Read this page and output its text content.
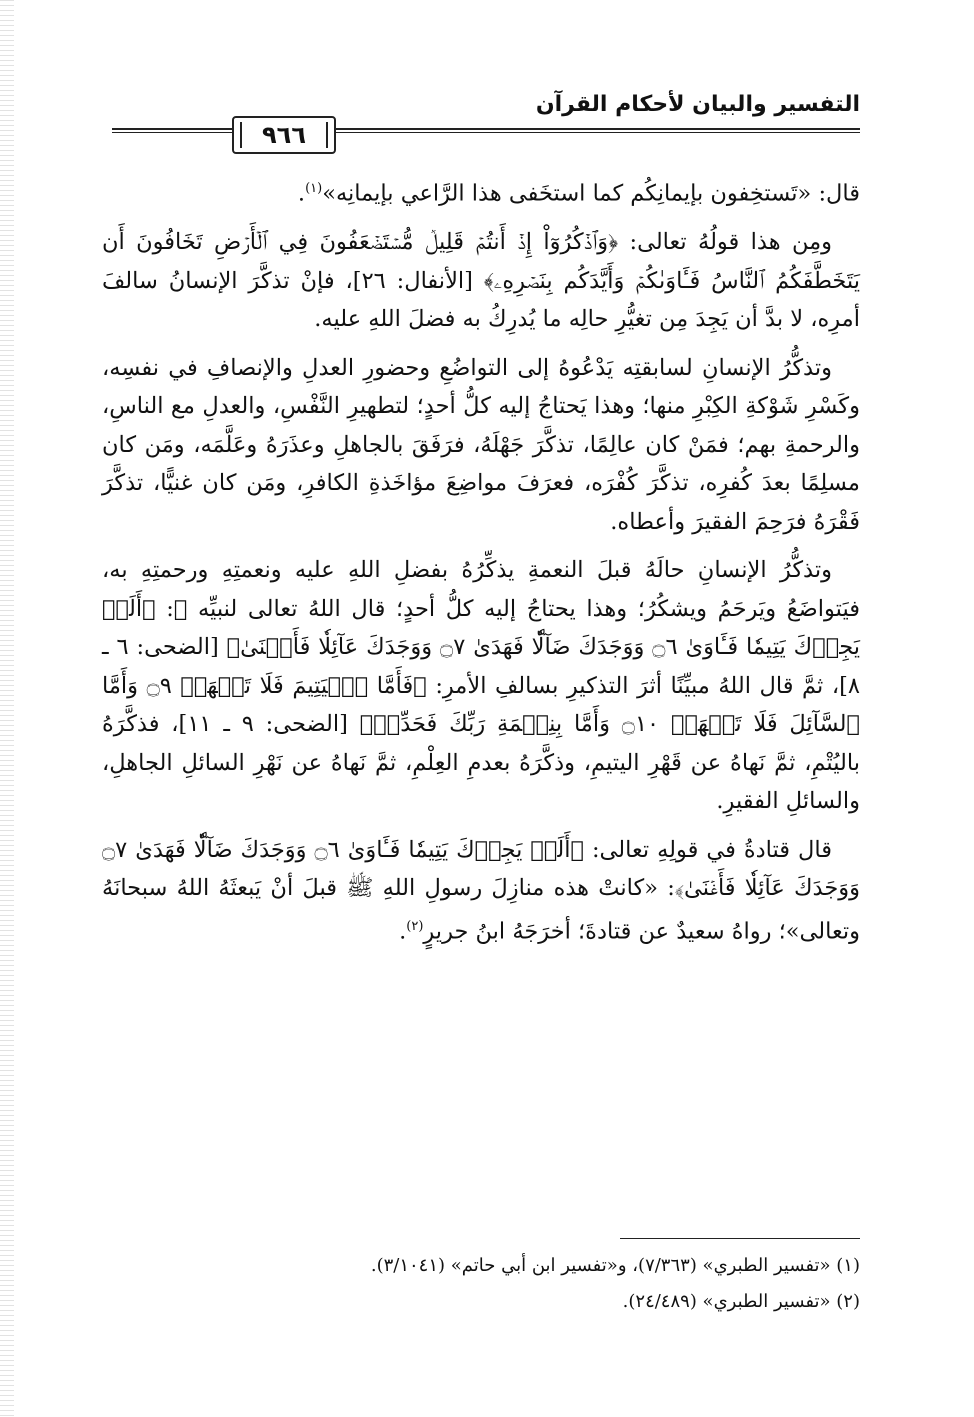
التفسير والبيان لأحكام القرآن
٩٦٦

قال: «تَستخِفون بإيمانِكُم كما استخَفى هذا الرَّاعي بإيمانِه»$^{(١)}$.

ومِن هذا قولُهُ تعالى: ﴿وَٱذۡكُرُوٓاْ إِذۡ أَنتُمۡ قَلِيلٞ مُّسۡتَضۡعَفُونَ فِي ٱلۡأَرۡضِ تَخَافُونَ أَن يَتَخَطَّفَكُمُ ٱلنَّاسُ فَـَٔاوَىٰكُمۡ وَأَيَّدَكُم بِنَصۡرِهِۦ﴾ [الأنفال: ٢٦]، فإنْ تذكَّرَ الإنسانُ سالفَ أمرِه، لا بدَّ أن يَجِدَ مِن تغيُّرِ حالِه ما يُدرِكُ به فضلَ اللهِ عليه.

وتذكُّرُ الإنسانِ لسابقتِه يَدْعُوهُ إلى التواضُعِ وحضورِ العدلِ والإنصافِ في نفسِه، وكَسْرِ شَوْكةِ الكِبْرِ منها؛ وهذا يَحتاجُ إليه كلُّ أحدٍ؛ لتطهيرِ النَّفْسِ، والعدلِ مع الناسِ، والرحمةِ بهم؛ فمَنْ كان عالِمًا، تذكَّرَ جَهْلَهُ، فرَفَقَ بالجاهلِ وعذَرَهُ وعَلَّمَه، ومَن كان مسلِمًا بعدَ كُفرِه، تذكَّرَ كُفْرَه، فعرَفَ مواضِعَ مؤاخَذةِ الكافرِ، ومَن كان غنيًّا، تذكَّرَ فَقْرَهُ فرَحِمَ الفقيرَ وأعطاه.

وتذكُّرُ الإنسانِ حالَهُ قبلَ النعمةِ يذكِّرُهُ بفضلِ اللهِ عليه ونعمتِهِ ورحمتِهِ به، فيَتواضَعُ ويَرحَمُ ويشكُرُ؛ وهذا يحتاجُ إليه كلُّ أحدٍ؛ قال اللهُ تعالى لنبيِّه ﷺ: ﴿أَلَمۡ يَجِدۡكَ يَتِيمٗا فَـَٔاوَىٰ ۝٦ وَوَجَدَكَ ضَآلّٗا فَهَدَىٰ ۝٧ وَوَجَدَكَ عَآئِلٗا فَأَغۡنَىٰ﴾ [الضحى: ٦ ـ ٨]، ثمَّ قال اللهُ مبيِّنًا أثرَ التذكيرِ بسالفِ الأمرِ: ﴿فَأَمَّا ٱلۡيَتِيمَ فَلَا تَقۡهَرۡ ۝٩ وَأَمَّا ٱلسَّآئِلَ فَلَا تَنۡهَرۡ ۝١٠ وَأَمَّا بِنِعۡمَةِ رَبِّكَ فَحَدِّثۡ﴾ [الضحى: ٩ ـ ١١]، فذكَّرَهُ باليُتْمِ، ثمَّ نَهاهُ عن قَهْرِ اليتيمِ، وذكَّرَهُ بعدمِ العِلْمِ، ثمَّ نَهاهُ عن نَهْرِ السائلِ الجاهلِ، والسائلِ الفقيرِ.

قال قتادةُ في قولِهِ تعالى: ﴿أَلَمۡ يَجِدۡكَ يَتِيمٗا فَـَٔاوَىٰ ۝٦ وَوَجَدَكَ ضَآلّٗا فَهَدَىٰ ۝٧ وَوَجَدَكَ عَآئِلٗا فَأَغۡنَىٰ﴾: «كانتْ هذه منازِلَ رسولِ اللهِ ﷺ قبلَ أنْ يَبعثَهُ اللهُ سبحانَهُ وتعالى»؛ رواهُ سعيدٌ عن قتادةَ؛ أخرَجَهُ ابنُ جريرٍ$^{(٢)}$.

(١) «تفسير الطبري» (٧/٣٦٣)، و«تفسير ابن أبي حاتم» (٣/١٠٤١).
(٢) «تفسير الطبري» (٢٤/٤٨٩).
